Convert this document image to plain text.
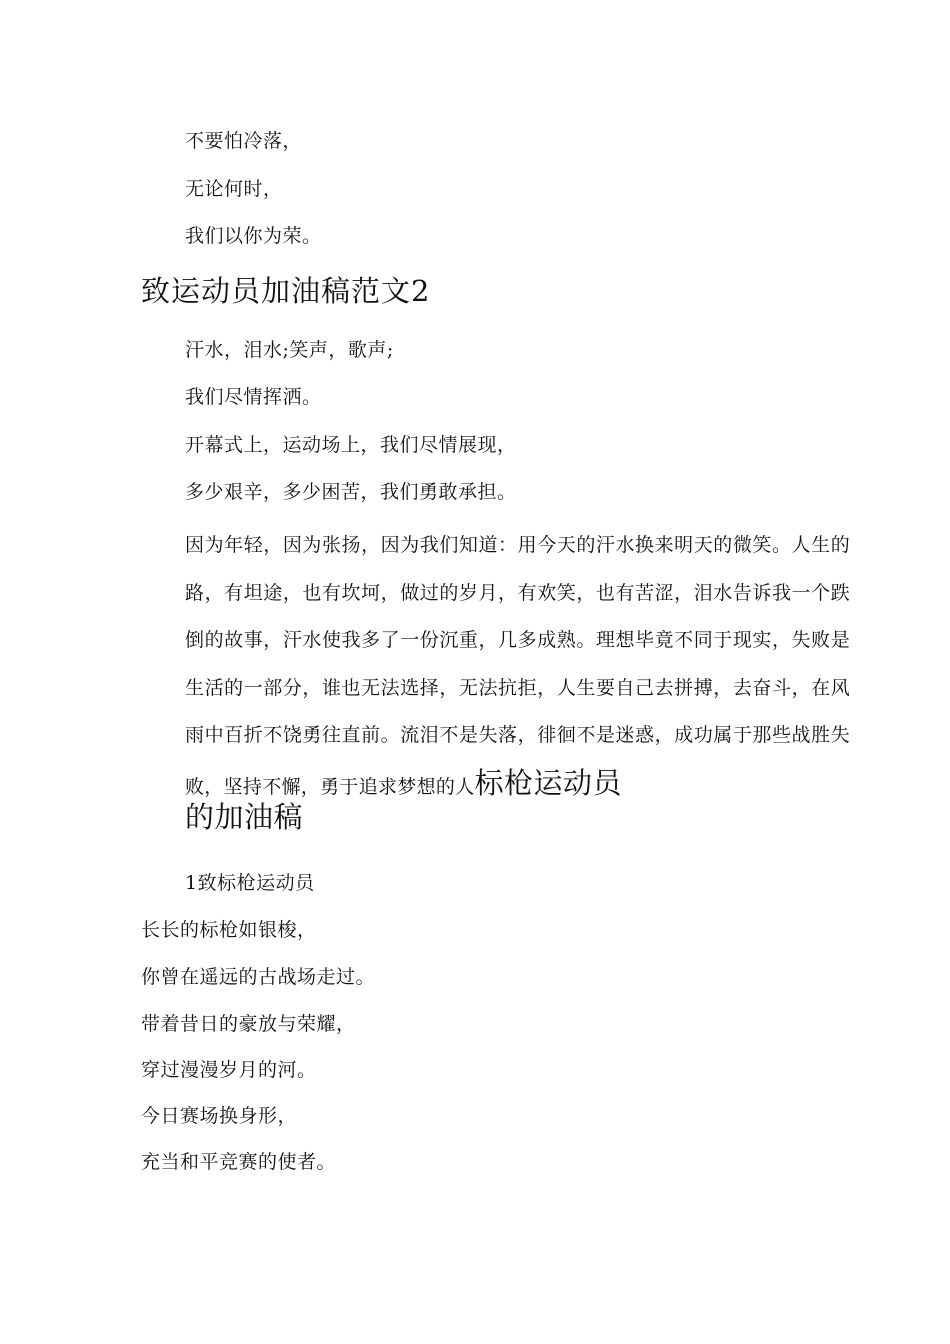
不要怕冷落，
无论何时，
我们以你为荣。
致运动员加油稿范文2
汗水，泪水;笑声，歌声;
我们尽情挥洒。
开幕式上，运动场上，我们尽情展现，
多少艰辛，多少困苦，我们勇敢承担。
因为年轻，因为张扬，因为我们知道：用今天的汗水换来明天的微笑。人生的路，有坦途，也有坎坷，做过的岁月，有欢笑，也有苦涩，泪水告诉我一个跌倒的故事，汗水使我多了一份沉重，几多成熟。理想毕竟不同于现实，失败是生活的一部分，谁也无法选择，无法抗拒，人生要自己去拼搏，去奋斗，在风雨中百折不饶勇往直前。流泪不是失落，徘徊不是迷惑，成功属于那些战胜失败，坚持不懈，勇于追求梦想的人标枪运动员
的加油稿
1致标枪运动员
长长的标枪如银梭，
你曾在遥远的古战场走过。
带着昔日的豪放与荣耀，
穿过漫漫岁月的河。
今日赛场换身形，
充当和平竞赛的使者。
